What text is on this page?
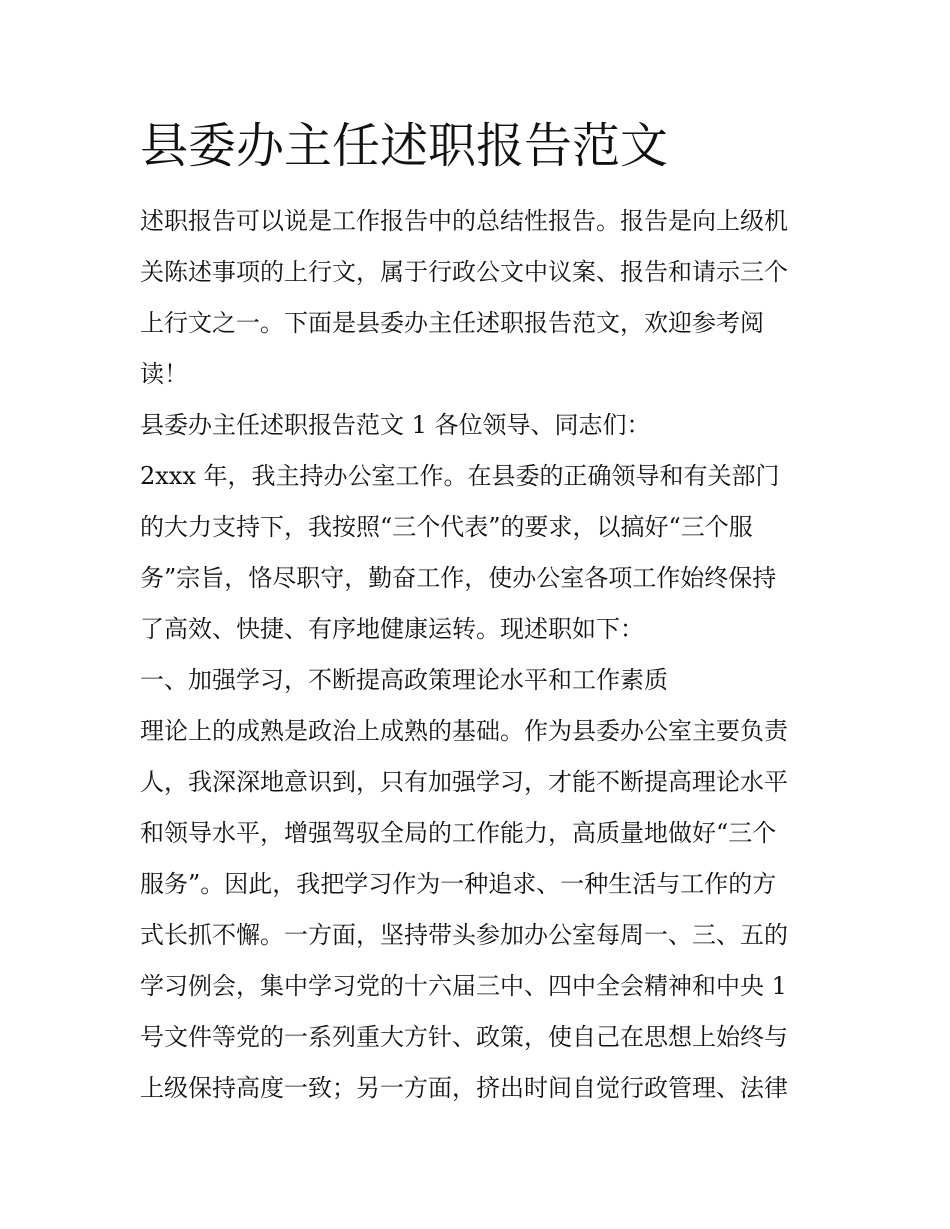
县委办主任述职报告范文
述职报告可以说是工作报告中的总结性报告。报告是向上级机
关陈述事项的上行文，属于行政公文中议案、报告和请示三个
上行文之一。下面是县委办主任述职报告范文，欢迎参考阅
读！
县委办主任述职报告范文 1 各位领导、同志们：
2xxx 年，我主持办公室工作。在县委的正确领导和有关部门
的大力支持下，我按照“三个代表”的要求，以搞好“三个服
务”宗旨，恪尽职守，勤奋工作，使办公室各项工作始终保持
了高效、快捷、有序地健康运转。现述职如下：
一、加强学习，不断提高政策理论水平和工作素质
理论上的成熟是政治上成熟的基础。作为县委办公室主要负责
人，我深深地意识到，只有加强学习，才能不断提高理论水平
和领导水平，增强驾驭全局的工作能力，高质量地做好“三个
服务”。因此，我把学习作为一种追求、一种生活与工作的方
式长抓不懈。一方面，坚持带头参加办公室每周一、三、五的
学习例会，集中学习党的十六届三中、四中全会精神和中央 1
号文件等党的一系列重大方针、政策，使自己在思想上始终与
上级保持高度一致；另一方面，挤出时间自觉行政管理、法律
